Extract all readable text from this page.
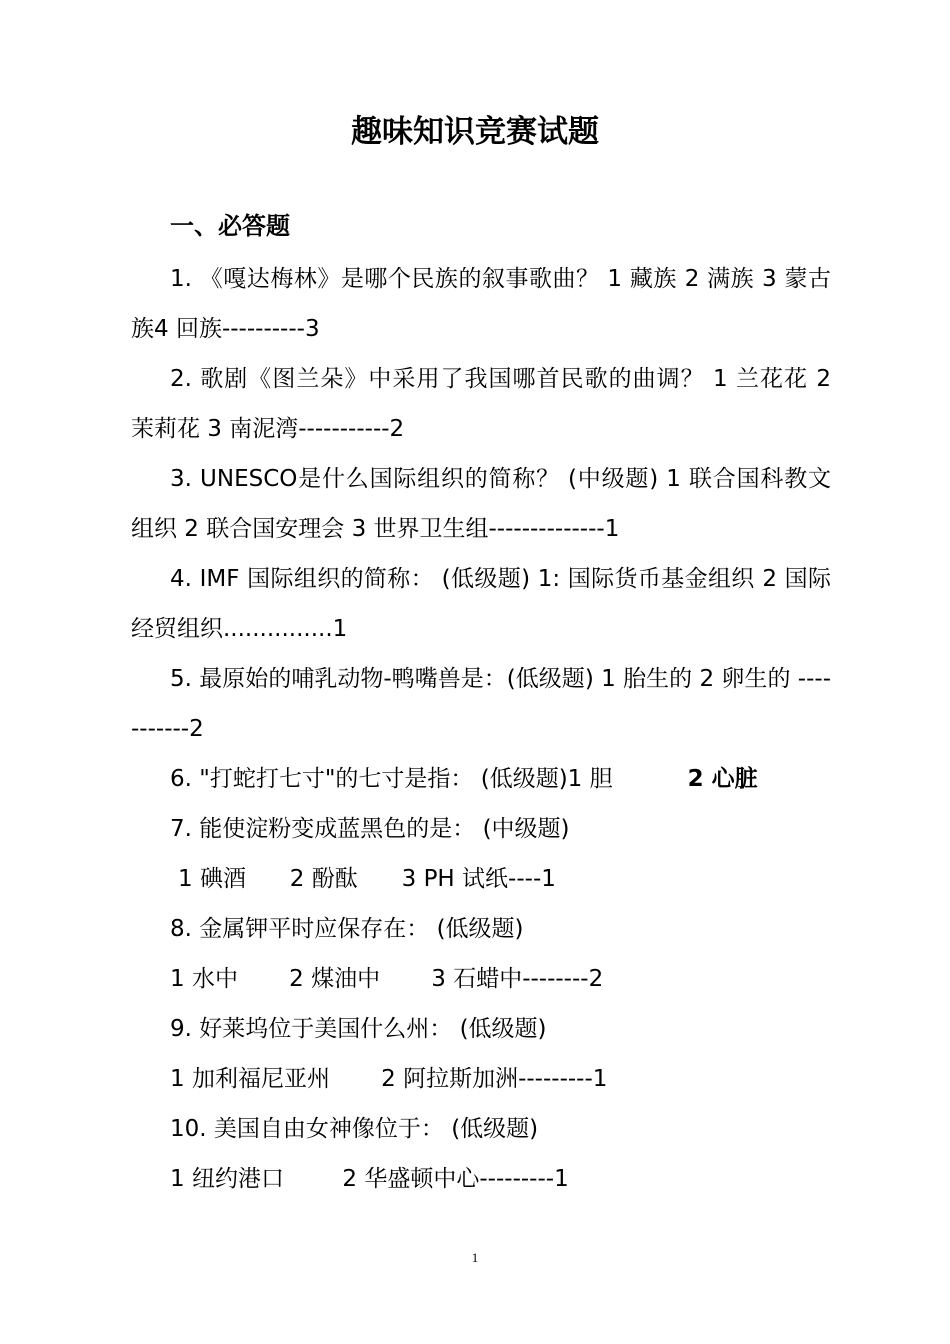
趣味知识竞赛试题
一、必答题
1. 《嘎达梅林》是哪个民族的叙事歌曲？ 1 藏族 2 满族 3 蒙古族4 回族----------3
2. 歌剧《图兰朵》中采用了我国哪首民歌的曲调？ 1 兰花花 2 茉莉花 3 南泥湾-----------2
3. UNESCO是什么国际组织的简称？ (中级题) 1 联合国科教文组织 2 联合国安理会 3 世界卫生组--------------1
4. IMF 国际组织的简称： (低级题) 1: 国际货币基金组织 2 国际经贸组织...............1
5. 最原始的哺乳动物-鸭嘴兽是：(低级题) 1 胎生的 2 卵生的 -----------2
6. "打蛇打七寸"的七寸是指： (低级题)1 胆	2 心脏
7. 能使淀粉变成蓝黑色的是： (中级题)
1 碘酒      2 酚酞      3 PH 试纸----1
8. 金属钾平时应保存在： (低级题)
1 水中       2 煤油中       3 石蜡中--------2
9. 好莱坞位于美国什么州： (低级题)
1 加利福尼亚州       2 阿拉斯加洲---------1
10. 美国自由女神像位于： (低级题)
1 纽约港口        2 华盛顿中心---------1
1
